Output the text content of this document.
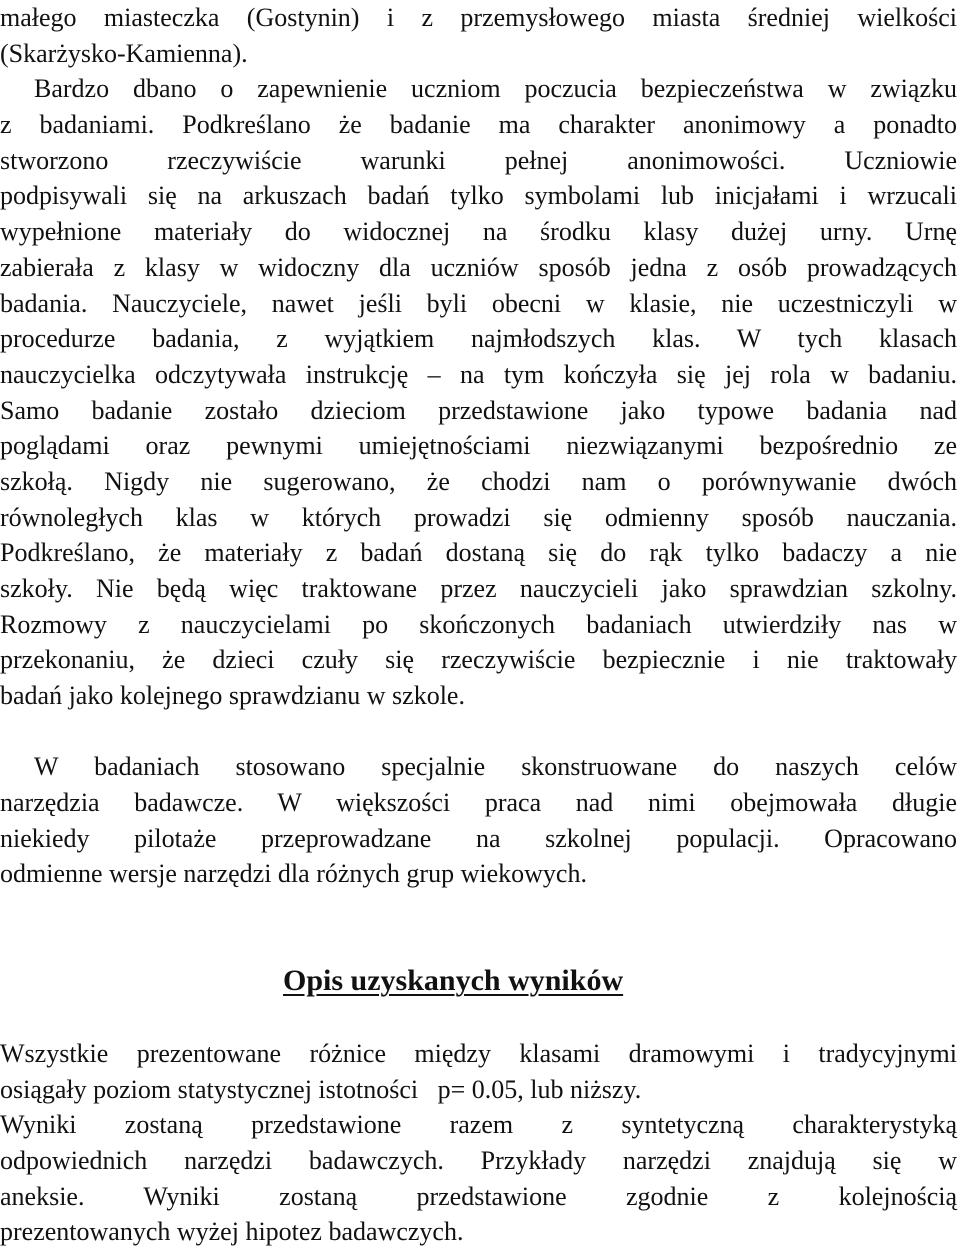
małego miasteczka (Gostynin) i z przemysłowego miasta średniej wielkości
(Skarżysko-Kamienna).
Bardzo dbano o zapewnienie uczniom poczucia bezpieczeństwa w związku
z badaniami. Podkreślano że badanie ma charakter anonimowy a ponadto
stworzono rzeczywiście warunki pełnej anonimowości. Uczniowie
podpisywali się na arkuszach badań tylko symbolami lub inicjałami i wrzucali
wypełnione materiały do widocznej na środku klasy dużej urny. Urnę
zabierała z klasy w widoczny dla uczniów sposób jedna z osób prowadzących
badania. Nauczyciele, nawet jeśli byli obecni w klasie, nie uczestniczyli w
procedurze badania, z wyjątkiem najmłodszych klas. W tych klasach
nauczycielka odczytywała instrukcję – na tym kończyła się jej rola w badaniu.
Samo badanie zostało dzieciom przedstawione jako typowe badania nad
poglądami oraz pewnymi umiejętnościami niezwiązanymi bezpośrednio ze
szkołą. Nigdy nie sugerowano, że chodzi nam o porównywanie dwóch
równoległych klas w których prowadzi się odmienny sposób nauczania.
Podkreślano, że materiały z badań dostaną się do rąk tylko badaczy a nie
szkoły. Nie będą więc traktowane przez nauczycieli jako sprawdzian szkolny.
Rozmowy z nauczycielami po skończonych badaniach utwierdziły nas w
przekonaniu, że dzieci czuły się rzeczywiście bezpiecznie i nie traktowały
badań jako kolejnego sprawdzianu w szkole.
W badaniach stosowano specjalnie skonstruowane do naszych celów
narzędzia badawcze. W większości praca nad nimi obejmowała długie
niekiedy pilotaże przeprowadzane na szkolnej populacji. Opracowano
odmienne wersje narzędzi dla różnych grup wiekowych.
Opis uzyskanych wyników
Wszystkie prezentowane różnice między klasami dramowymi i tradycyjnymi
osiągały poziom statystycznej istotności   p= 0.05, lub niższy.
Wyniki zostaną przedstawione razem z syntetyczną charakterystyką
odpowiednich narzędzi badawczych. Przykłady narzędzi znajdują się w
aneksie. Wyniki zostaną przedstawione zgodnie z kolejnością
prezentowanych wyżej hipotez badawczych.
